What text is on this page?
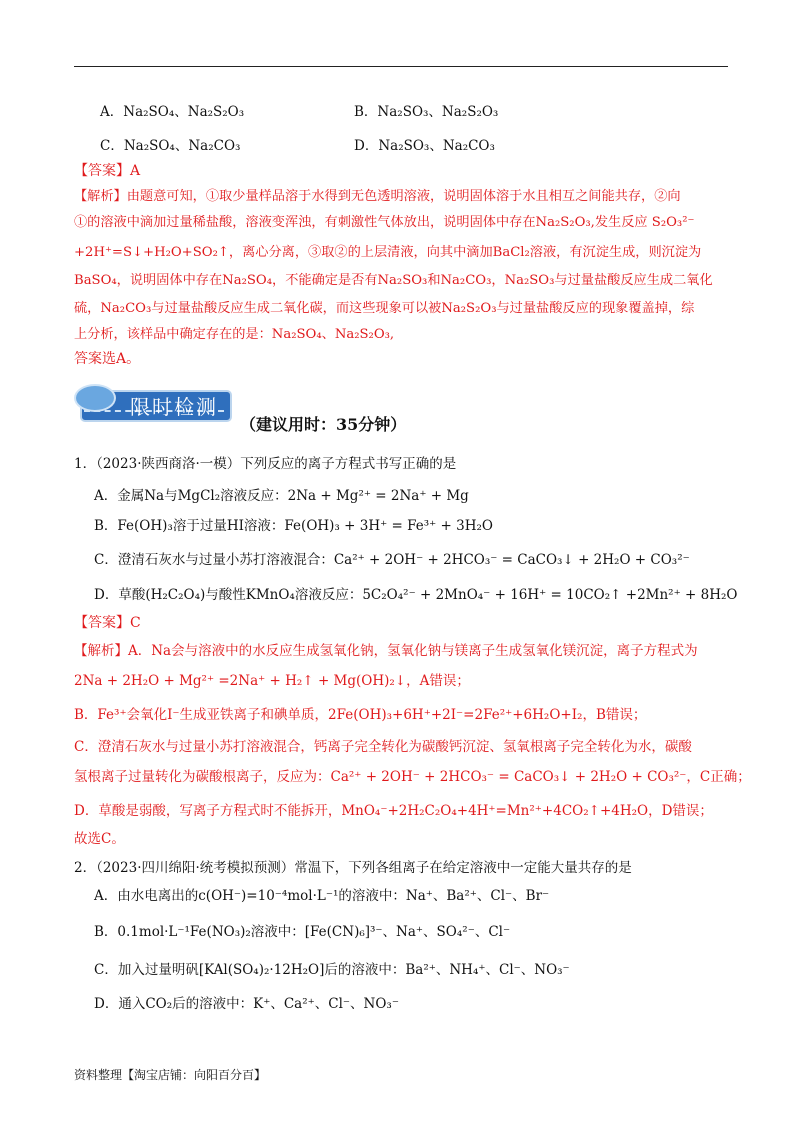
A．Na₂SO₄、Na₂S₂O₃	B．Na₂SO₃、Na₂S₂O₃
C．Na₂SO₄、Na₂CO₃	D．Na₂SO₃、Na₂CO₃
【答案】A
【解析】由题意可知，①取少量样品溶于水得到无色透明溶液，说明固体溶于水且相互之间能共存，②向
①的溶液中滴加过量稀盐酸，溶液变浑浊，有刺激性气体放出，说明固体中存在Na₂S₂O₃,发生反应 S₂O₃²⁻
+2H⁺=S↓+H₂O+SO₂↑，离心分离，③取②的上层清液，向其中滴加BaCl₂溶液，有沉淀生成，则沉淀为
BaSO₄，说明固体中存在Na₂SO₄，不能确定是否有Na₂SO₃和Na₂CO₃，Na₂SO₃与过量盐酸反应生成二氧化
硫，Na₂CO₃与过量盐酸反应生成二氧化碳，而这些现象可以被Na₂S₂O₃与过量盐酸反应的现象覆盖掉，综
上分析，该样品中确定存在的是：Na₂SO₄、Na₂S₂O₃,
答案选A。
限时检测
（建议用时：35分钟）
1．（2023·陕西商洛·一模）下列反应的离子方程式书写正确的是
A．金属Na与MgCl₂溶液反应：2Na + Mg²⁺ = 2Na⁺ + Mg
B．Fe(OH)₃溶于过量HI溶液：Fe(OH)₃ + 3H⁺ = Fe³⁺ + 3H₂O
C．澄清石灰水与过量小苏打溶液混合：Ca²⁺ + 2OH⁻ + 2HCO₃⁻ = CaCO₃↓ + 2H₂O + CO₃²⁻
D．草酸(H₂C₂O₄)与酸性KMnO₄溶液反应：5C₂O₄²⁻ + 2MnO₄⁻ + 16H⁺ = 10CO₂↑ +2Mn²⁺ + 8H₂O
【答案】C
【解析】A．Na会与溶液中的水反应生成氢氧化钠，氢氧化钠与镁离子生成氢氧化镁沉淀，离子方程式为
2Na + 2H₂O + Mg²⁺ =2Na⁺ + H₂↑ + Mg(OH)₂↓，A错误；
B．Fe³⁺会氧化I⁻生成亚铁离子和碘单质，2Fe(OH)₃+6H⁺+2I⁻=2Fe²⁺+6H₂O+I₂，B错误；
C．澄清石灰水与过量小苏打溶液混合，钙离子完全转化为碳酸钙沉淀、氢氧根离子完全转化为水，碳酸
氢根离子过量转化为碳酸根离子，反应为：Ca²⁺ + 2OH⁻ + 2HCO₃⁻ = CaCO₃↓ + 2H₂O + CO₃²⁻，C正确；
D．草酸是弱酸，写离子方程式时不能拆开，MnO₄⁻+2H₂C₂O₄+4H⁺=Mn²⁺+4CO₂↑+4H₂O，D错误；
故选C。
2．（2023·四川绵阳·统考模拟预测）常温下，下列各组离子在给定溶液中一定能大量共存的是
A．由水电离出的c(OH⁻)=10⁻⁴mol·L⁻¹的溶液中：Na⁺、Ba²⁺、Cl⁻、Br⁻
B．0.1mol·L⁻¹Fe(NO₃)₂溶液中：[Fe(CN)₆]³⁻、Na⁺、SO₄²⁻、Cl⁻
C．加入过量明矾[KAl(SO₄)₂·12H₂O]后的溶液中：Ba²⁺、NH₄⁺、Cl⁻、NO₃⁻
D．通入CO₂后的溶液中：K⁺、Ca²⁺、Cl⁻、NO₃⁻
资料整理【淘宝店铺：向阳百分百】
